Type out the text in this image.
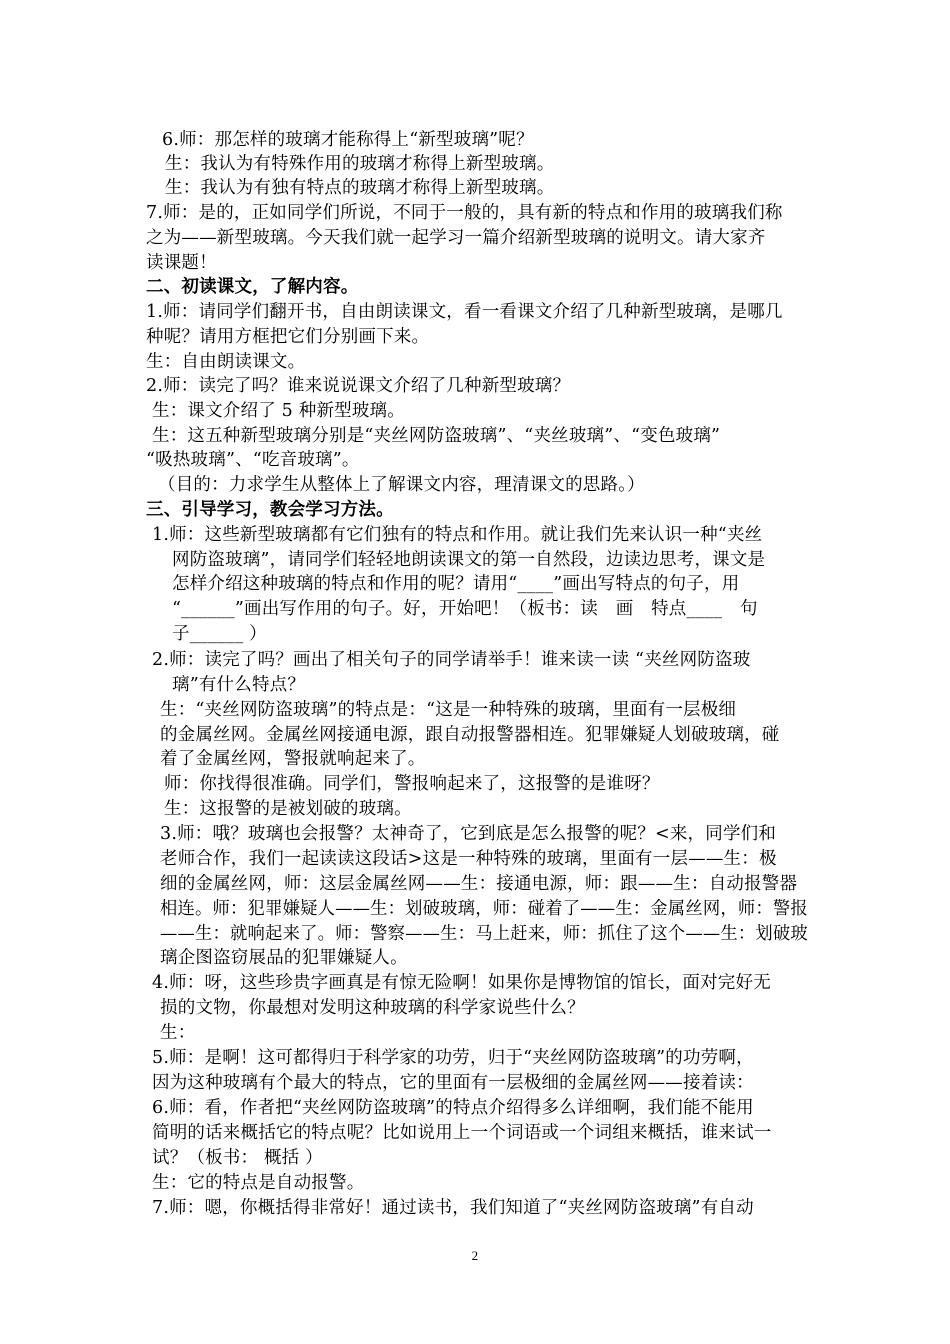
6.师：那怎样的玻璃才能称得上“新型玻璃”呢？
生：我认为有特殊作用的玻璃才称得上新型玻璃。
生：我认为有独有特点的玻璃才称得上新型玻璃。
7.师：是的，正如同学们所说，不同于一般的，具有新的特点和作用的玻璃我们称
之为——新型玻璃。今天我们就一起学习一篇介绍新型玻璃的说明文。请大家齐
读课题！
二、初读课文，了解内容。
1.师：请同学们翻开书，自由朗读课文，看一看课文介绍了几种新型玻璃，是哪几
种呢？请用方框把它们分别画下来。
生：自由朗读课文。
2.师：读完了吗？谁来说说课文介绍了几种新型玻璃？
生：课文介绍了 5 种新型玻璃。
生：这五种新型玻璃分别是“夹丝网防盗玻璃”、“夹丝玻璃”、“变色玻璃”
“吸热玻璃”、“吃音玻璃”。
（目的：力求学生从整体上了解课文内容，理清课文的思路。）
三、引导学习，教会学习方法。
1.师：这些新型玻璃都有它们独有的特点和作用。就让我们先来认识一种“夹丝
网防盗玻璃”，请同学们轻轻地朗读课文的第一自然段，边读边思考，课文是
怎样介绍这种玻璃的特点和作用的呢？请用“____”画出写特点的句子，用
“______”画出写作用的句子。好，开始吧！（板书：读　画　特点____　句
子______ ）
2.师：读完了吗？画出了相关句子的同学请举手！谁来读一读 “夹丝网防盗玻
璃”有什么特点？
生：“夹丝网防盗玻璃”的特点是：“这是一种特殊的玻璃，里面有一层极细
的金属丝网。金属丝网接通电源，跟自动报警器相连。犯罪嫌疑人划破玻璃，碰
着了金属丝网，警报就响起来了。
师：你找得很准确。同学们，警报响起来了，这报警的是谁呀？
生：这报警的是被划破的玻璃。
3.师：哦？玻璃也会报警？太神奇了，它到底是怎么报警的呢？<来，同学们和
老师合作，我们一起读读这段话>这是一种特殊的玻璃，里面有一层——生：极
细的金属丝网，师：这层金属丝网——生：接通电源，师：跟——生：自动报警器
相连。师：犯罪嫌疑人——生：划破玻璃，师：碰着了——生：金属丝网，师：警报
——生：就响起来了。师：警察——生：马上赶来，师：抓住了这个——生：划破玻
璃企图盗窃展品的犯罪嫌疑人。
4.师：呀，这些珍贵字画真是有惊无险啊！如果你是博物馆的馆长，面对完好无
损的文物，你最想对发明这种玻璃的科学家说些什么？
生：
5.师：是啊！这可都得归于科学家的功劳，归于“夹丝网防盗玻璃”的功劳啊，
因为这种玻璃有个最大的特点，它的里面有一层极细的金属丝网——接着读：
6.师：看，作者把“夹丝网防盗玻璃”的特点介绍得多么详细啊，我们能不能用
简明的话来概括它的特点呢？比如说用上一个词语或一个词组来概括，谁来试一
试？（板书： 概括 ）
生：它的特点是自动报警。
7.师：嗯，你概括得非常好！通过读书，我们知道了“夹丝网防盗玻璃”有自动
2
